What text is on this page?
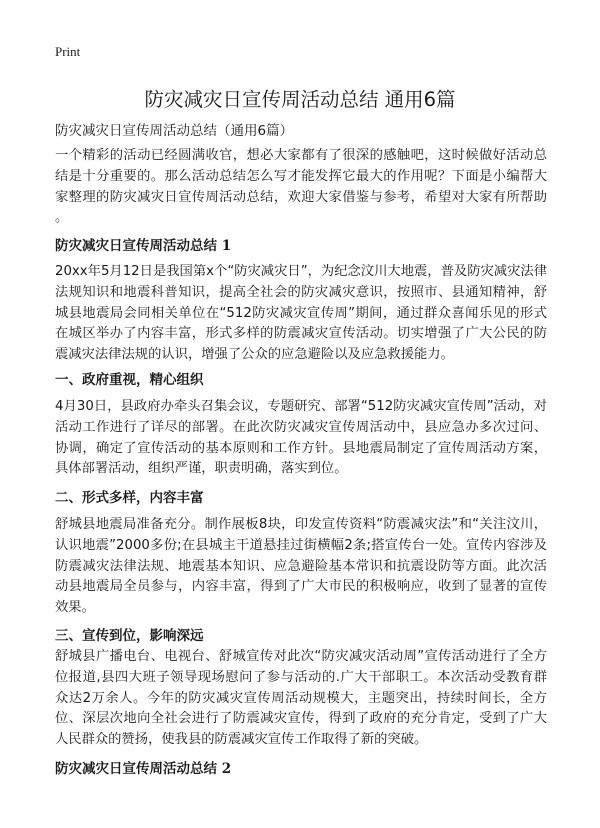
Print
防灾减灾日宣传周活动总结 通用6篇
防灾减灾日宣传周活动总结（通用6篇）
一个精彩的活动已经圆满收官，想必大家都有了很深的感触吧，这时候做好活动总
结是十分重要的。那么活动总结怎么写才能发挥它最大的作用呢？下面是小编帮大
家整理的防灾减灾日宣传周活动总结，欢迎大家借鉴与参考，希望对大家有所帮助
。
防灾减灾日宣传周活动总结 1
20xx年5月12日是我国第x个“防灾减灾日”，为纪念汶川大地震，普及防灾减灾法律
法规知识和地震科普知识，提高全社会的防灾减灾意识，按照市、县通知精神，舒
城县地震局会同相关单位在“512防灾减灾宣传周”期间，通过群众喜闻乐见的形式
在城区举办了内容丰富，形式多样的防震减灾宣传活动。切实增强了广大公民的防
震减灾法律法规的认识，增强了公众的应急避险以及应急救援能力。
一、政府重视，精心组织
4月30日，县政府办牵头召集会议，专题研究、部署“512防灾减灾宣传周”活动，对
活动工作进行了详尽的部署。在此次防灾减灾宣传周活动中，县应急办多次过问、
协调，确定了宣传活动的基本原则和工作方针。县地震局制定了宣传周活动方案，
具体部署活动，组织严谨，职责明确，落实到位。
二、形式多样，内容丰富
舒城县地震局准备充分。制作展板8块，印发宣传资料“防震减灾法”和“关注汶川，
认识地震”2000多份;在县城主干道悬挂过街横幅2条;搭宣传台一处。宣传内容涉及
防震减灾法律法规、地震基本知识、应急避险基本常识和抗震设防等方面。此次活
动县地震局全员参与，内容丰富，得到了广大市民的积极响应，收到了显著的宣传
效果。
三、宣传到位，影响深远
舒城县广播电台、电视台、舒城宣传对此次“防灾减灾活动周”宣传活动进行了全方
位报道,县四大班子领导现场慰问了参与活动的.广大干部职工。本次活动受教育群
众达2万余人。今年的防灾减灾宣传周活动规模大，主题突出，持续时间长，全方
位、深层次地向全社会进行了防震减灾宣传，得到了政府的充分肯定，受到了广大
人民群众的赞扬，使我县的防震减灾宣传工作取得了新的突破。
防灾减灾日宣传周活动总结 2
